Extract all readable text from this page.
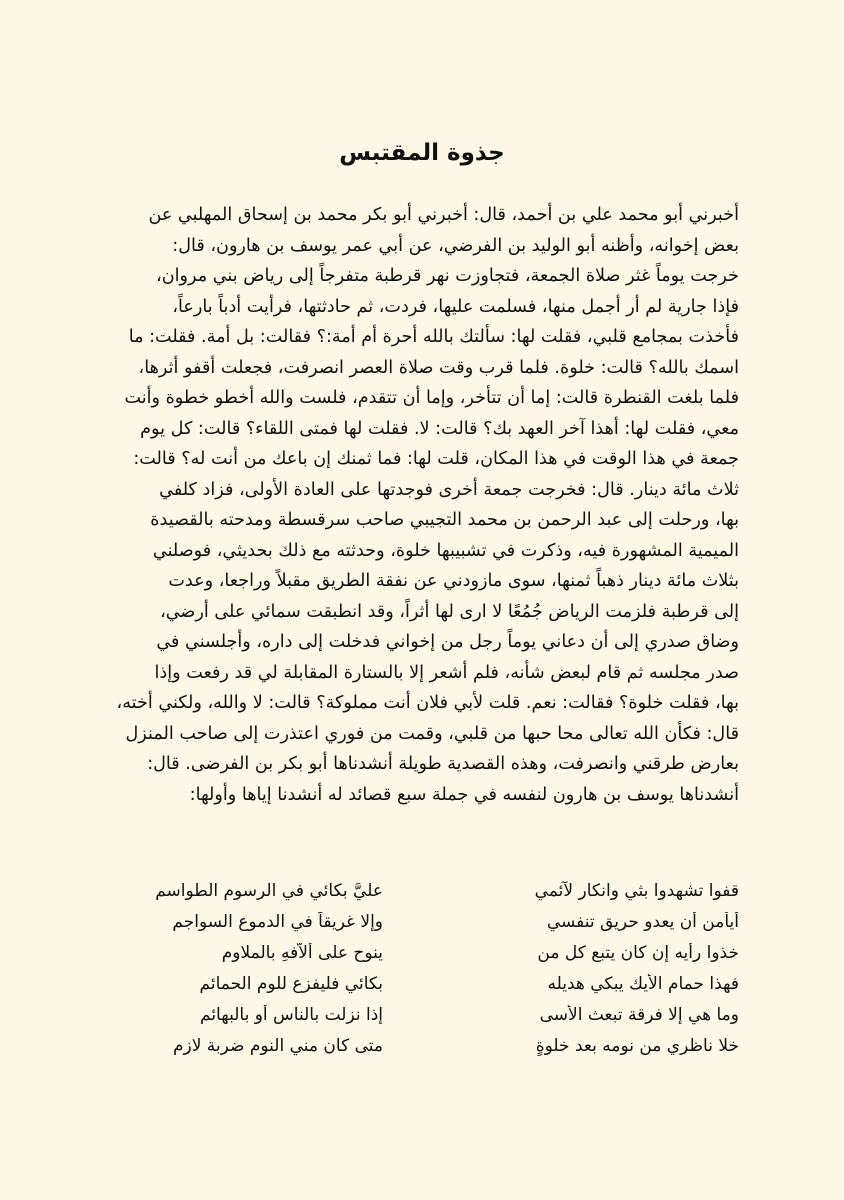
جذوة المقتبس
أخبرني أبو محمد علي بن أحمد، قال: أخبرني أبو بكر محمد بن إسحاق المهلبي عن
بعض إخوانه، وأظنه أبو الوليد بن الفرضي، عن أبي عمر يوسف بن هارون، قال:
خرجت يوماً غثر صلاة الجمعة، فتجاوزت نهر قرطبة متفرجاً إلى رياض بني مروان،
فإذا جارية لم أر أجمل منها، فسلمت عليها، فردت، ثم حادثتها، فرأيت أدباً بارعاً،
فأخذت بمجامع قلبي، فقلت لها: سألتك بالله أحرة أم أمة:؟ فقالت: بل أمة. فقلت: ما
اسمك بالله؟ قالت: خلوة. فلما قرب وقت صلاة العصر انصرفت، فجعلت أقفو أثرها،
فلما بلغت القنطرة قالت: إما أن تتأخر، وإما أن تتقدم، فلست والله أخطو خطوة وأنت
معي، فقلت لها: أهذا آخر العهد بك؟ قالت: لا. فقلت لها فمتى اللقاء؟ قالت: كل يوم
جمعة في هذا الوقت في هذا المكان، قلت لها: فما ثمنك إن باعك من أنت له؟ قالت:
ثلاث مائة دينار. قال: فخرجت جمعة أخرى فوجدتها على العادة الأولى، فزاد كلفي
بها، ورحلت إلى عبد الرحمن بن محمد التجيبي صاحب سرقسطة ومدحته بالقصيدة
الميمية المشهورة فيه، وذكرت في تشبيبها خلوة، وحدثته مع ذلك بحديثي، فوصلني
بثلاث مائة دينار ذهباً ثمنها، سوى مازودني عن نفقة الطريق مقبلاً وراجعا، وعدت
إلى قرطبة فلزمت الرياض جُمُعًا لا ارى لها أثراً، وقد انطبقت سمائي على أرضي،
وضاق صدري إلى أن دعاني يوماً رجل من إخواني فدخلت إلى داره، وأجلسني في
صدر مجلسه ثم قام لبعض شأنه، فلم أشعر إلا بالستارة المقابلة لي قد رفعت وإذا
بها، فقلت خلوة؟ فقالت: نعم. قلت لأبي فلان أنت مملوكة؟ قالت: لا والله، ولكني أخته،
قال: فكأن الله تعالى محا حبها من قلبي، وقمت من فوري اعتذرت إلى صاحب المنزل
بعارض طرقني وانصرفت، وهذه القصدية طويلة أنشدناها أبو بكر بن الفرضى. قال:
أنشدناها يوسف بن هارون لنفسه في جملة سبع قصائد له أنشدنا إياها وأولها:
قفوا تشهدوا بثي وانكار لآئمي
عليَّ بكائي في الرسوم الطواسمِ
أيأمن أن يعدو حريق تنفسي
وإلا غريقاً في الدموع السواجمِ
خذوا رأيه إن كان يتبع كل من
ينوح على ألاّفهِ بالملاومِ
فهذا حمام الأيك يبكي هديله
بكائي فليفزع للوم الحمائمِ
وما هي إلا فرقة تبعث الأسى
إذا نزلت بالناس أو بالبهائمِ
خلا ناظري من نومه بعد خلوةٍ
متى كان مني النوم ضربة لازمِ
